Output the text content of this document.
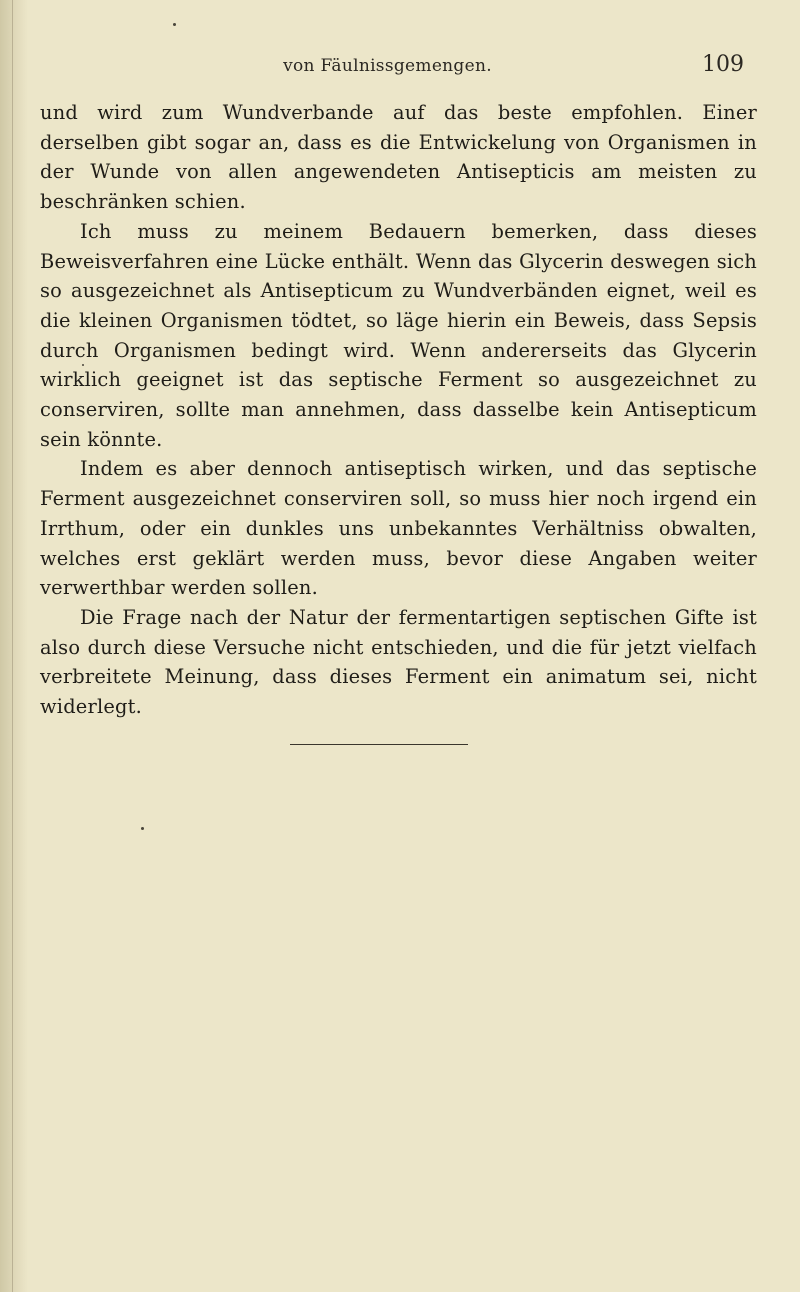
von Fäulnissgemengen.	109

und wird zum Wundverbande auf das beste empfohlen. Einer derselben gibt sogar an, dass es die Entwickelung von Organismen in der Wunde von allen angewendeten Antisepticis am meisten zu beschränken schien.

Ich muss zu meinem Bedauern bemerken, dass dieses Beweisverfahren eine Lücke enthält. Wenn das Glycerin deswegen sich so ausgezeichnet als Antisepticum zu Wundverbänden eignet, weil es die kleinen Organismen tödtet, so läge hierin ein Beweis, dass Sepsis durch Organismen bedingt wird. Wenn andererseits das Glycerin wirklich geeignet ist das septische Ferment so ausgezeichnet zu conserviren, sollte man annehmen, dass dasselbe kein Antisepticum sein könnte.

Indem es aber dennoch antiseptisch wirken, und das septische Ferment ausgezeichnet conserviren soll, so muss hier noch irgend ein Irrthum, oder ein dunkles uns unbekanntes Verhältniss obwalten, welches erst geklärt werden muss, bevor diese Angaben weiter verwerthbar werden sollen.

Die Frage nach der Natur der fermentartigen septischen Gifte ist also durch diese Versuche nicht entschieden, und die für jetzt vielfach verbreitete Meinung, dass dieses Ferment ein animatum sei, nicht widerlegt.
